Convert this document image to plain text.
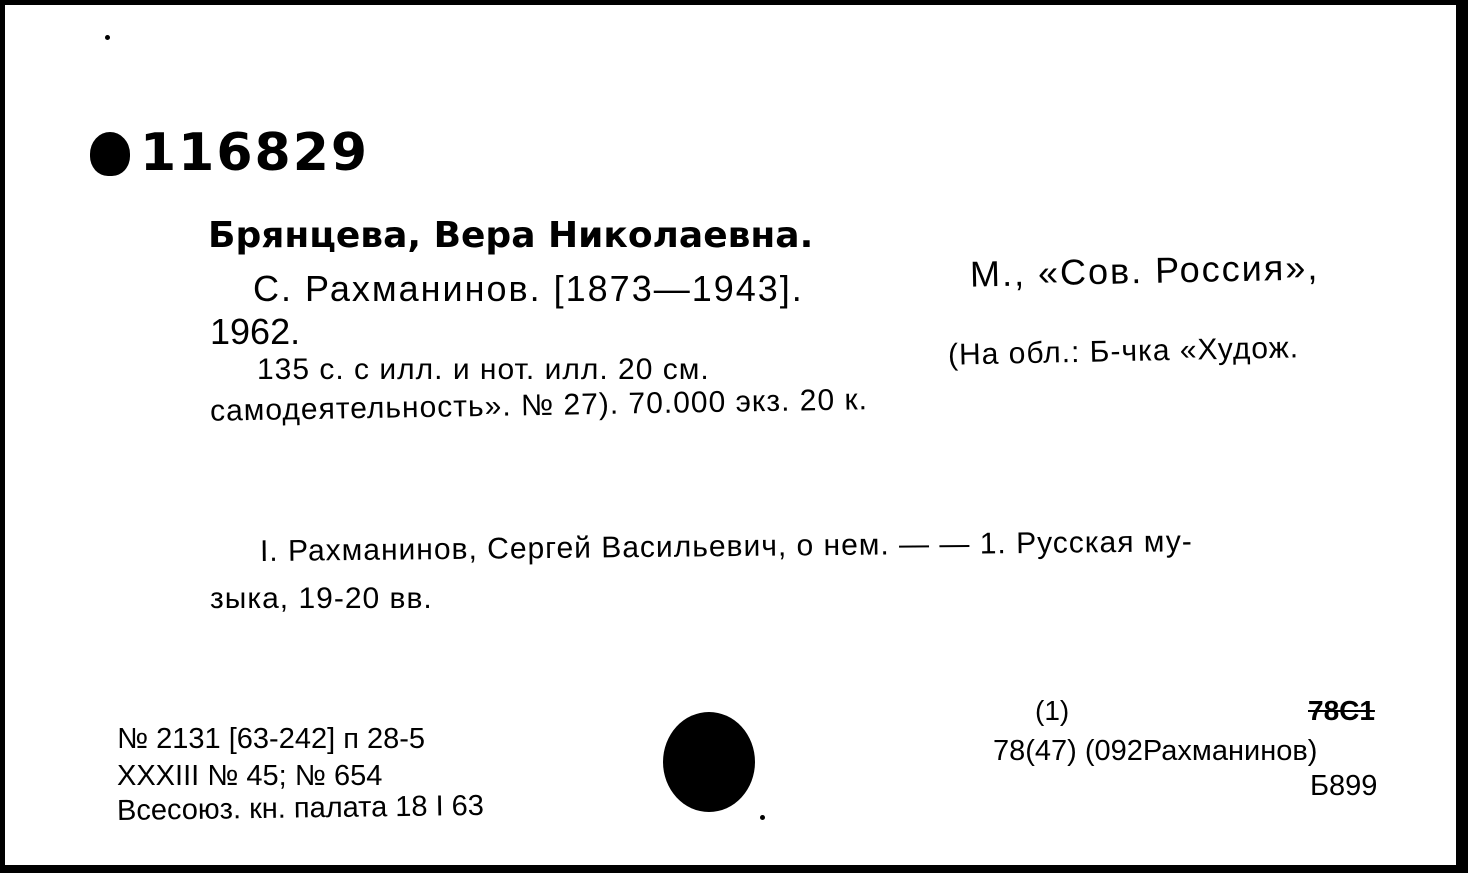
116829
Брянцева, Вера Николаевна.
С. Рахманинов. [1873—1943].	М., «Сов. Россия»,
1962.
135 с. с илл. и нот. илл. 20 см.	(На обл.: Б-чка «Худож.
самодеятельность». № 27). 70.000 экз. 20 к.
I. Рахманинов, Сергей Васильевич, о нем. — — 1. Русская му-
зыка, 19-20 вв.
№ 2131 [63-242] п 28-5
XXXIII № 45; № 654
Всесоюз. кн. палата 18 I 63
(1)	78С1
78(47) (092Рахманинов)
Б899
